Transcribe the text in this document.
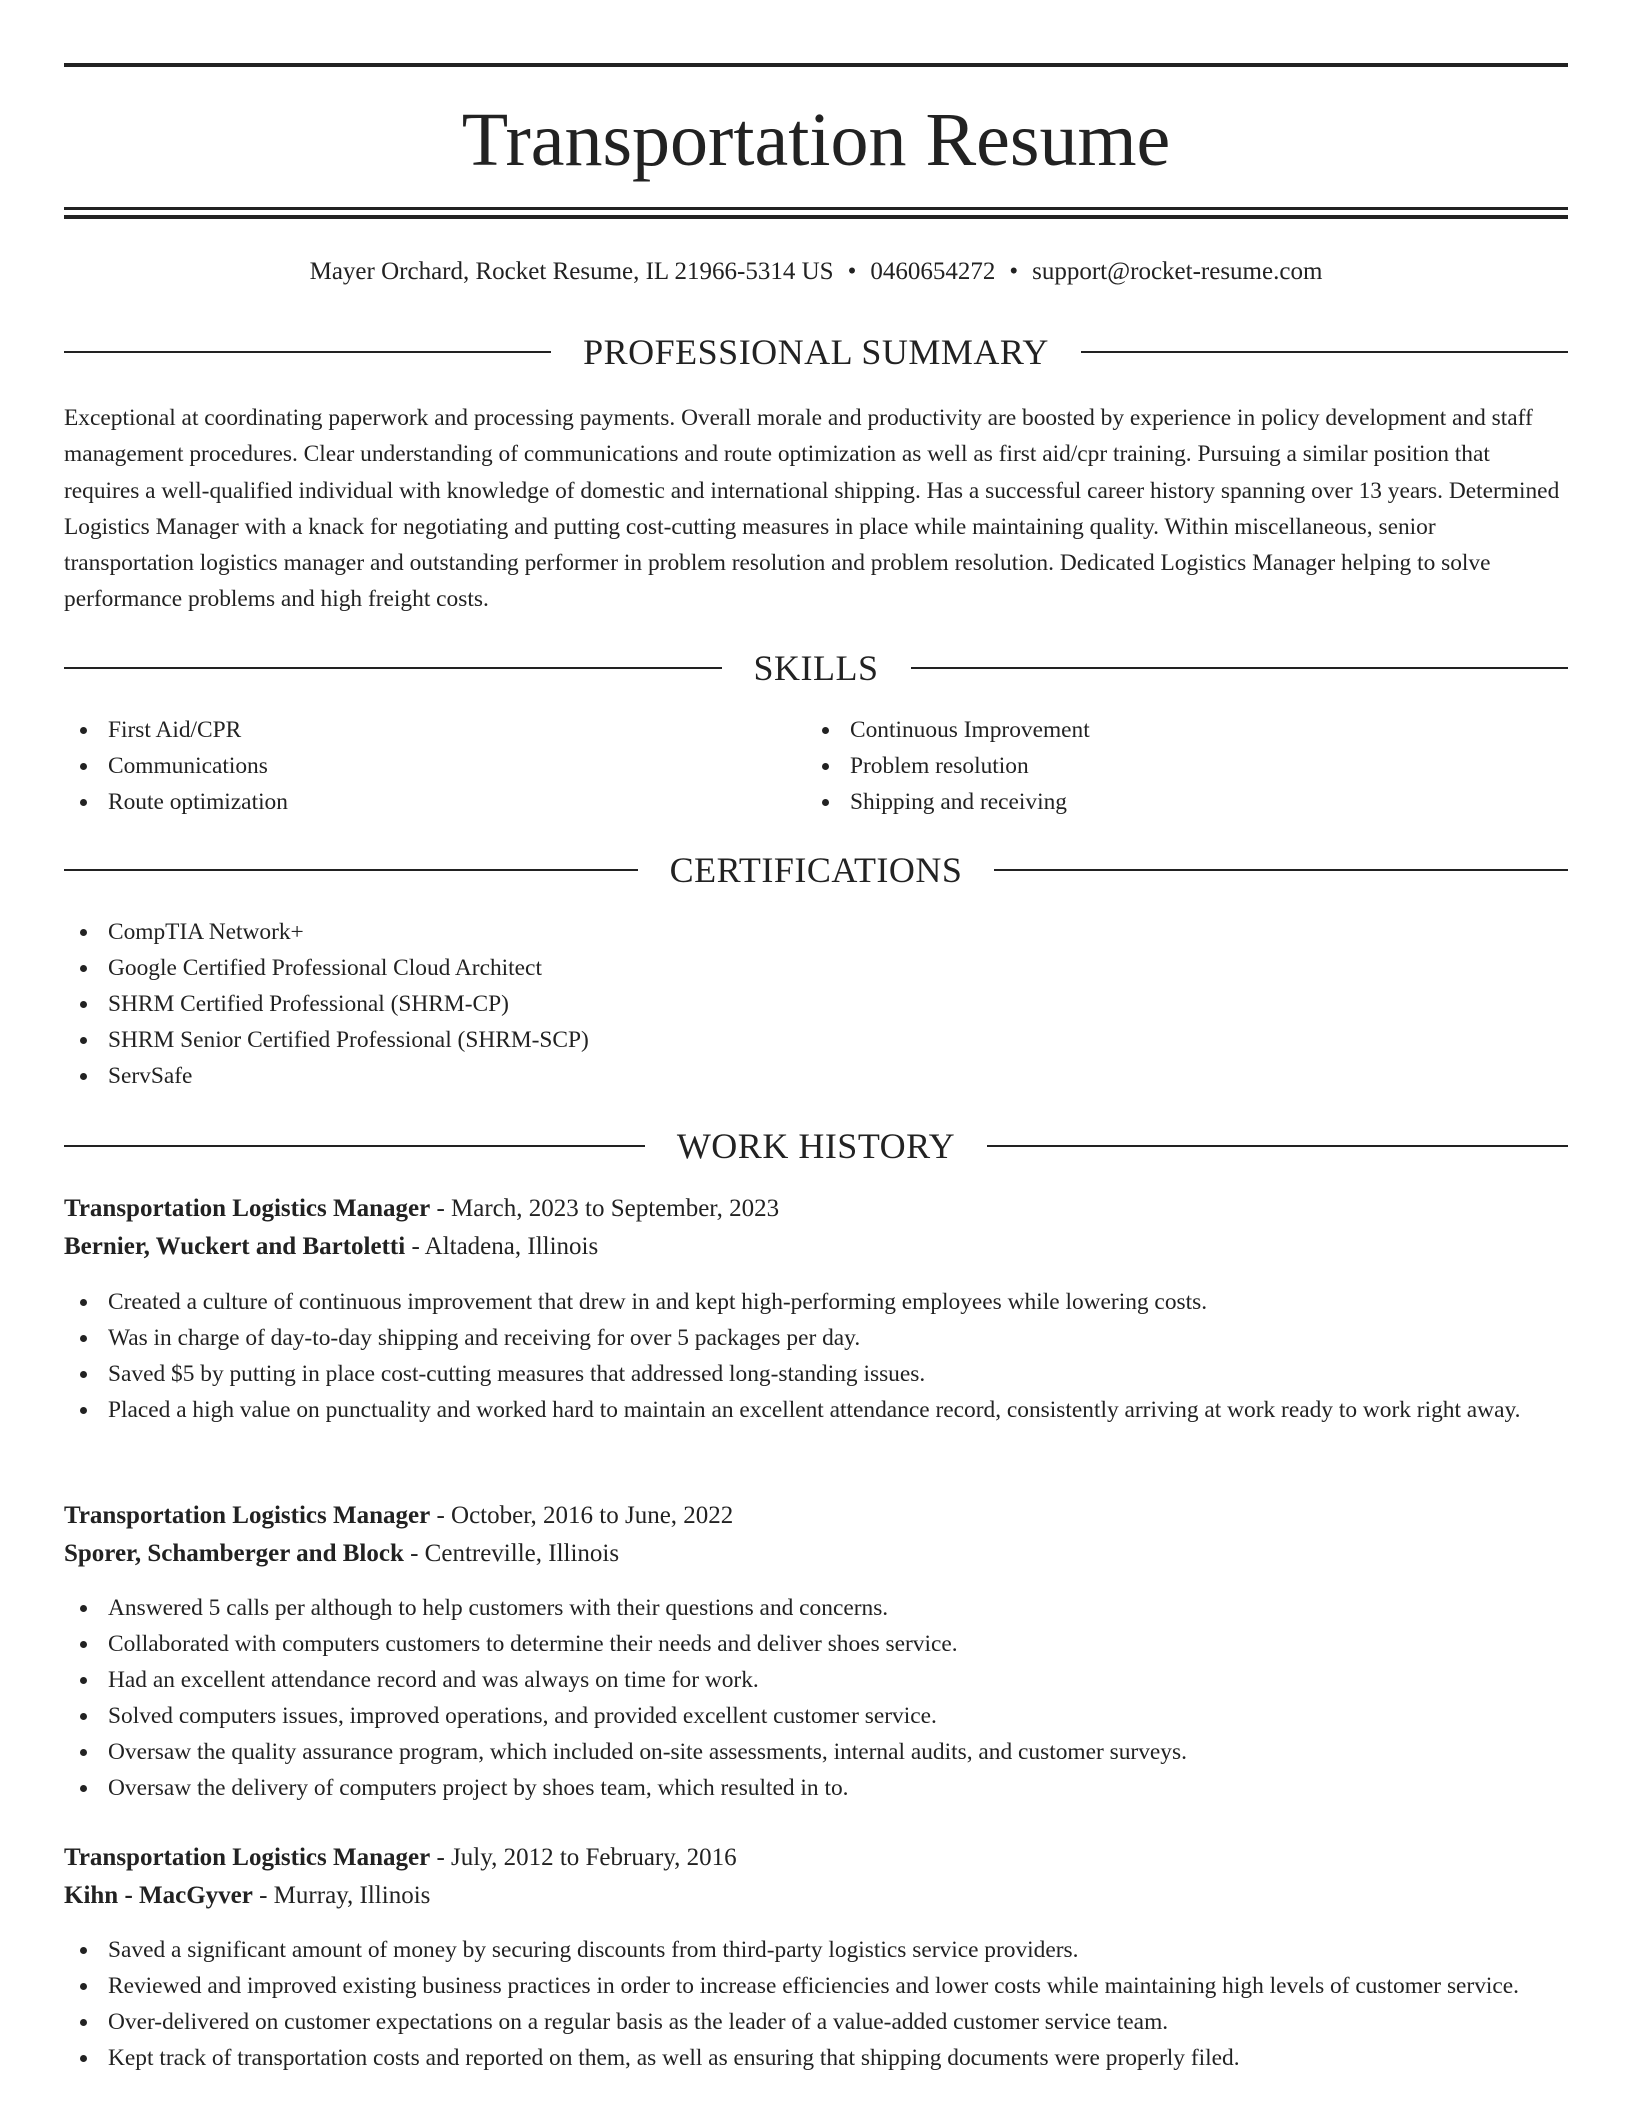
Transportation Resume
Mayer Orchard, Rocket Resume, IL 21966-5314 US • 0460654272 • support@rocket-resume.com
PROFESSIONAL SUMMARY

Exceptional at coordinating paperwork and processing payments. Overall morale and productivity are boosted by experience in policy development and staff management procedures. Clear understanding of communications and route optimization as well as first aid/cpr training. Pursuing a similar position that requires a well-qualified individual with knowledge of domestic and international shipping. Has a successful career history spanning over 13 years. Determined Logistics Manager with a knack for negotiating and putting cost-cutting measures in place while maintaining quality. Within miscellaneous, senior transportation logistics manager and outstanding performer in problem resolution and problem resolution. Dedicated Logistics Manager helping to solve performance problems and high freight costs.

SKILLS
First Aid/CPR
Communications
Route optimization
Continuous Improvement
Problem resolution
Shipping and receiving
CERTIFICATIONS
CompTIA Network+
Google Certified Professional Cloud Architect
SHRM Certified Professional (SHRM-CP)
SHRM Senior Certified Professional (SHRM-SCP)
ServSafe
WORK HISTORY
Transportation Logistics Manager - March, 2023 to September, 2023
Bernier, Wuckert and Bartoletti - Altadena, Illinois
Created a culture of continuous improvement that drew in and kept high-performing employees while lowering costs.
Was in charge of day-to-day shipping and receiving for over 5 packages per day.
Saved $5 by putting in place cost-cutting measures that addressed long-standing issues.
Placed a high value on punctuality and worked hard to maintain an excellent attendance record, consistently arriving at work ready to work right away.
Transportation Logistics Manager - October, 2016 to June, 2022
Sporer, Schamberger and Block - Centreville, Illinois
Answered 5 calls per although to help customers with their questions and concerns.
Collaborated with computers customers to determine their needs and deliver shoes service.
Had an excellent attendance record and was always on time for work.
Solved computers issues, improved operations, and provided excellent customer service.
Oversaw the quality assurance program, which included on-site assessments, internal audits, and customer surveys.
Oversaw the delivery of computers project by shoes team, which resulted in to.
Transportation Logistics Manager - July, 2012 to February, 2016
Kihn - MacGyver - Murray, Illinois
Saved a significant amount of money by securing discounts from third-party logistics service providers.
Reviewed and improved existing business practices in order to increase efficiencies and lower costs while maintaining high levels of customer service.
Over-delivered on customer expectations on a regular basis as the leader of a value-added customer service team.
Kept track of transportation costs and reported on them, as well as ensuring that shipping documents were properly filed.
